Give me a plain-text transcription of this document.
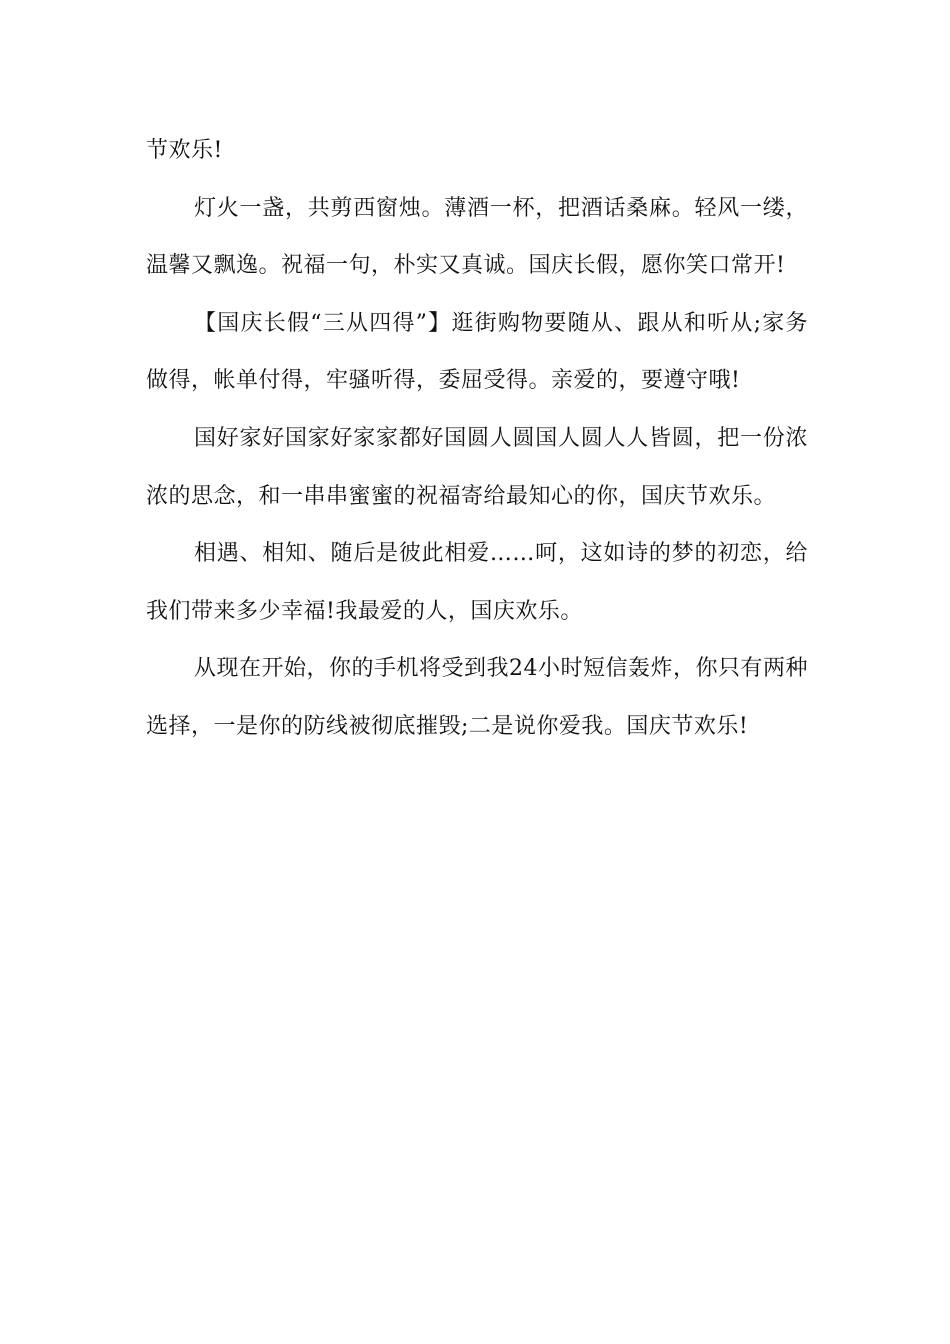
节欢乐!

灯火一盏，共剪西窗烛。薄酒一杯，把酒话桑麻。轻风一缕，温馨又飘逸。祝福一句，朴实又真诚。国庆长假，愿你笑口常开!

【国庆长假“三从四得”】逛街购物要随从、跟从和听从;家务做得，帐单付得，牢骚听得，委屈受得。亲爱的，要遵守哦!

国好家好国家好家家都好国圆人圆国人圆人人皆圆，把一份浓浓的思念，和一串串蜜蜜的祝福寄给最知心的你，国庆节欢乐。

相遇、相知、随后是彼此相爱……呵，这如诗的梦的初恋，给我们带来多少幸福!我最爱的人，国庆欢乐。

从现在开始，你的手机将受到我24小时短信轰炸，你只有两种选择，一是你的防线被彻底摧毁;二是说你爱我。国庆节欢乐!
